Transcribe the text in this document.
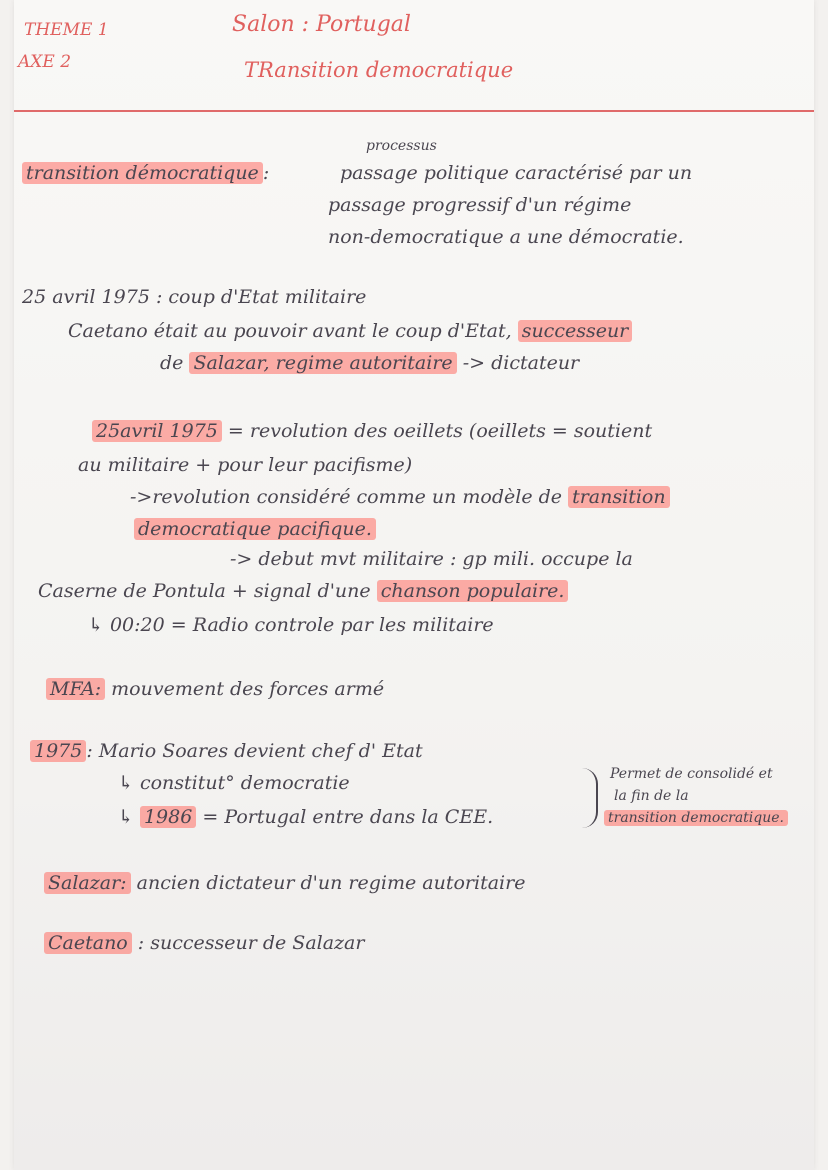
THEME 1
AXE 2
Salon : Portugal
TRansition democratique
processus
transition démocratique :	passage politique caractérisé par un
passage progressif d'un régime
non-democratique a une démocratie.
25 avril 1975 : coup d'Etat militaire
Caetano était au pouvoir avant le coup d'Etat, successeur
de Salazar, regime autoritaire -> dictateur
25avril 1975 = revolution des oeillets (oeillets = soutient
au militaire + pour leur pacifisme)
->revolution considéré comme un modèle de transition
democratique pacifique.
-> debut mvt militaire : gp mili. occupe la
Caserne de Pontula + signal d'une chanson populaire.
↳ 00:20 = Radio controle par les militaire
MFA: mouvement des forces armé
1975 : Mario Soares devient chef d' Etat
↳ constitut° democratie
↳ 1986 = Portugal entre dans la CEE.
Permet de consolidé et
la fin de la
transition democratique.
Salazar: ancien dictateur d'un regime autoritaire
Caetano : successeur de Salazar
